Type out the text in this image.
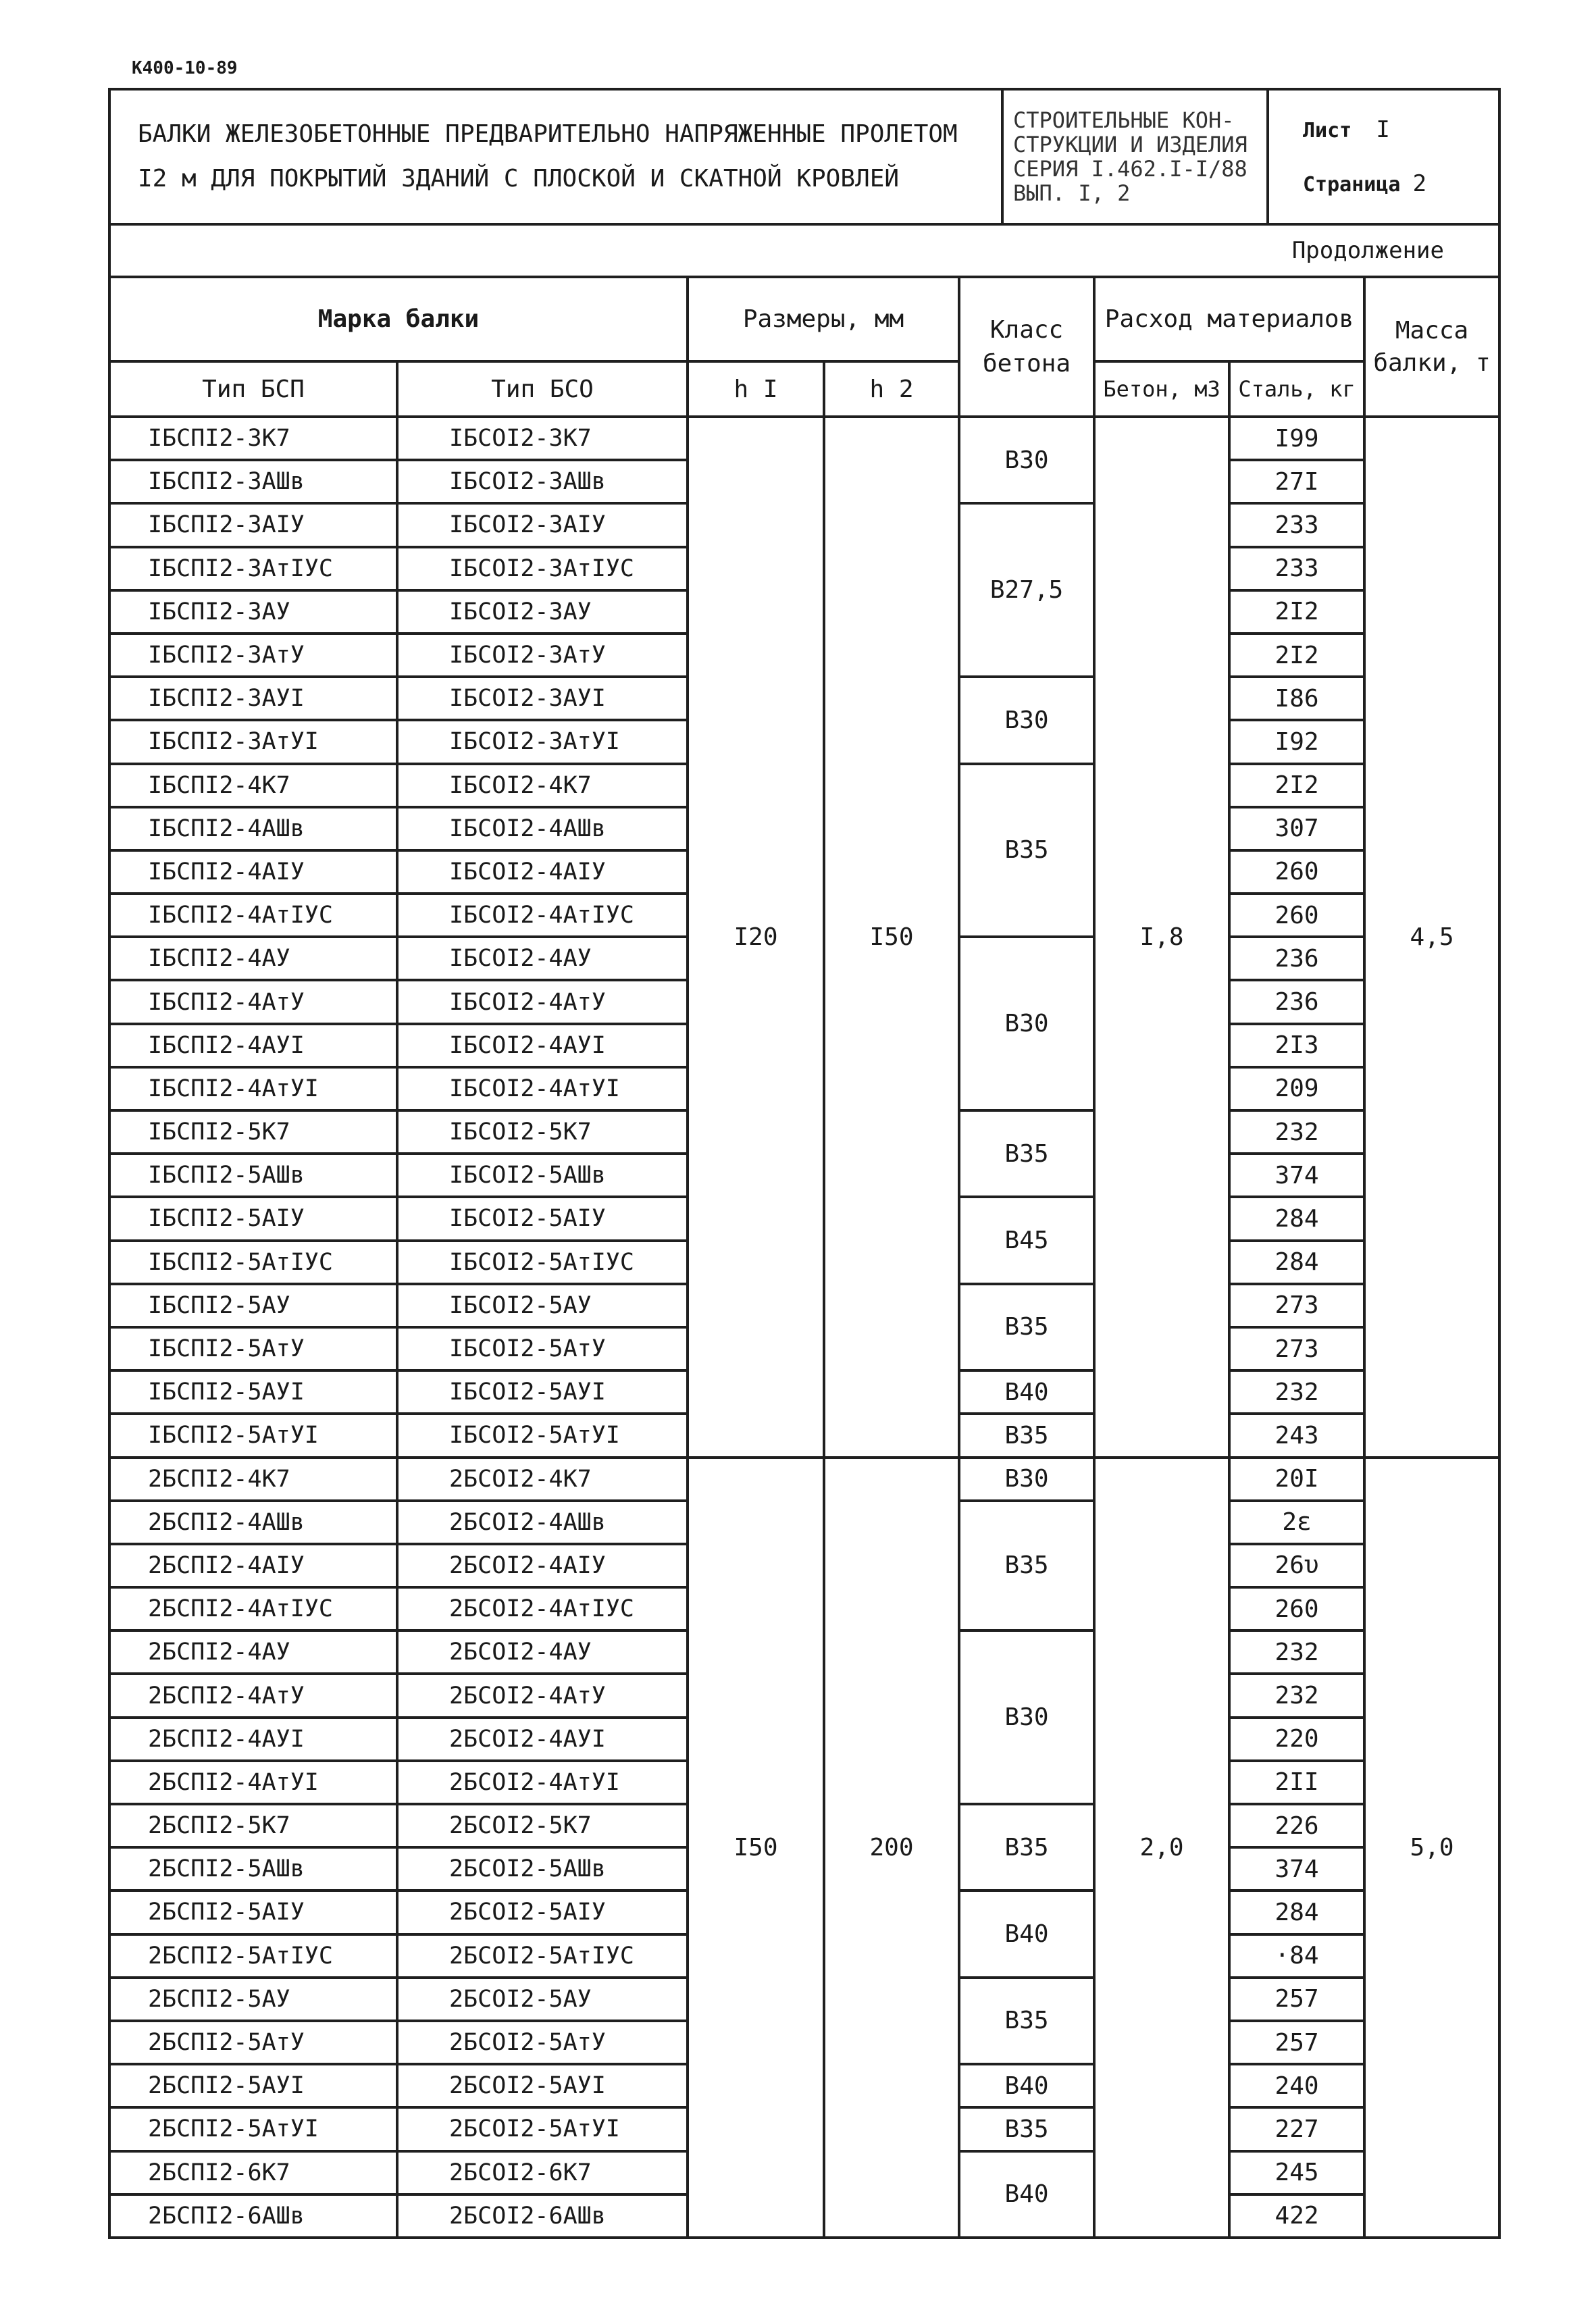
К400-10-89
БАЛКИ ЖЕЛЕЗОБЕТОННЫЕ ПРЕДВАРИТЕЛЬНО НАПРЯЖЕННЫЕ ПРОЛЕТОМ
I2 м ДЛЯ ПОКРЫТИЙ ЗДАНИЙ С ПЛОСКОЙ И СКАТНОЙ КРОВЛЕЙ

СТРОИТЕЛЬНЫЕ КОН-
СТРУКЦИИ И ИЗДЕЛИЯ
СЕРИЯ I.462.I-I/88
ВЫП. I, 2

Лист I
Страница 2

Продолжение
Марка балки		Размеры, мм		Класс бетона	Расход материалов		Масса балки, т
Тип БСП	Тип БСО	h I	h 2		Бетон, м3	Сталь, кг	
IБСПI2-3К7	IБСОI2-3К7	I20	I50	В30	I,8	I99	4,5
IБСПI2-3АШв	IБСОI2-3АШв					27I	
IБСПI2-3АIУ	IБСОI2-3АIУ			В27,5		233	
IБСПI2-3АтIУС	IБСОI2-3АтIУС					233	
IБСПI2-3АУ	IБСОI2-3АУ					2I2	
IБСПI2-3АтУ	IБСОI2-3АтУ					2I2	
IБСПI2-3АУI	IБСОI2-3АУI			В30		I86	
IБСПI2-3АтУI	IБСОI2-3АтУI					I92	
IБСПI2-4К7	IБСОI2-4К7			В35		2I2	
IБСПI2-4АШв	IБСОI2-4АШв					307	
IБСПI2-4АIУ	IБСОI2-4АIУ					260	
IБСПI2-4АтIУС	IБСОI2-4АтIУС					260	
IБСПI2-4АУ	IБСОI2-4АУ			В30		236	
IБСПI2-4АтУ	IБСОI2-4АтУ					236	
IБСПI2-4АУI	IБСОI2-4АУI					2I3	
IБСПI2-4АтУI	IБСОI2-4АтУI					209	
IБСПI2-5К7	IБСОI2-5К7			В35		232	
IБСПI2-5АШв	IБСОI2-5АШв					374	
IБСПI2-5АIУ	IБСОI2-5АIУ			В45		284	
IБСПI2-5АтIУС	IБСОI2-5АтIУС					284	
IБСПI2-5АУ	IБСОI2-5АУ			В35		273	
IБСПI2-5АтУ	IБСОI2-5АтУ					273	
IБСПI2-5АУI	IБСОI2-5АУI			В40		232	
IБСПI2-5АтУI	IБСОI2-5АтУI			В35		243	
2БСПI2-4К7	2БСОI2-4К7	I50	200	В30	2,0	20I	5,0
2БСПI2-4АШв	2БСОI2-4АШв			В35		2ε	
2БСПI2-4АIУ	2БСОI2-4АIУ					26υ	
2БСПI2-4АтIУС	2БСОI2-4АтIУС					260	
2БСПI2-4АУ	2БСОI2-4АУ			В30		232	
2БСПI2-4АтУ	2БСОI2-4АтУ					232	
2БСПI2-4АУI	2БСОI2-4АУI					220	
2БСПI2-4АтУI	2БСОI2-4АтУI					2II	
2БСПI2-5К7	2БСОI2-5К7			В35		226	
2БСПI2-5АШв	2БСОI2-5АШв					374	
2БСПI2-5АIУ	2БСОI2-5АIУ			В40		284	
2БСПI2-5АтIУС	2БСОI2-5АтIУС					·84	
2БСПI2-5АУ	2БСОI2-5АУ			В35		257	
2БСПI2-5АтУ	2БСОI2-5АтУ					257	
2БСПI2-5АУI	2БСОI2-5АУI			В40		240	
2БСПI2-5АтУI	2БСОI2-5АтУI			В35		227	
2БСПI2-6К7	2БСОI2-6К7			В40		245	
2БСПI2-6АШв	2БСОI2-6АШв					422	
